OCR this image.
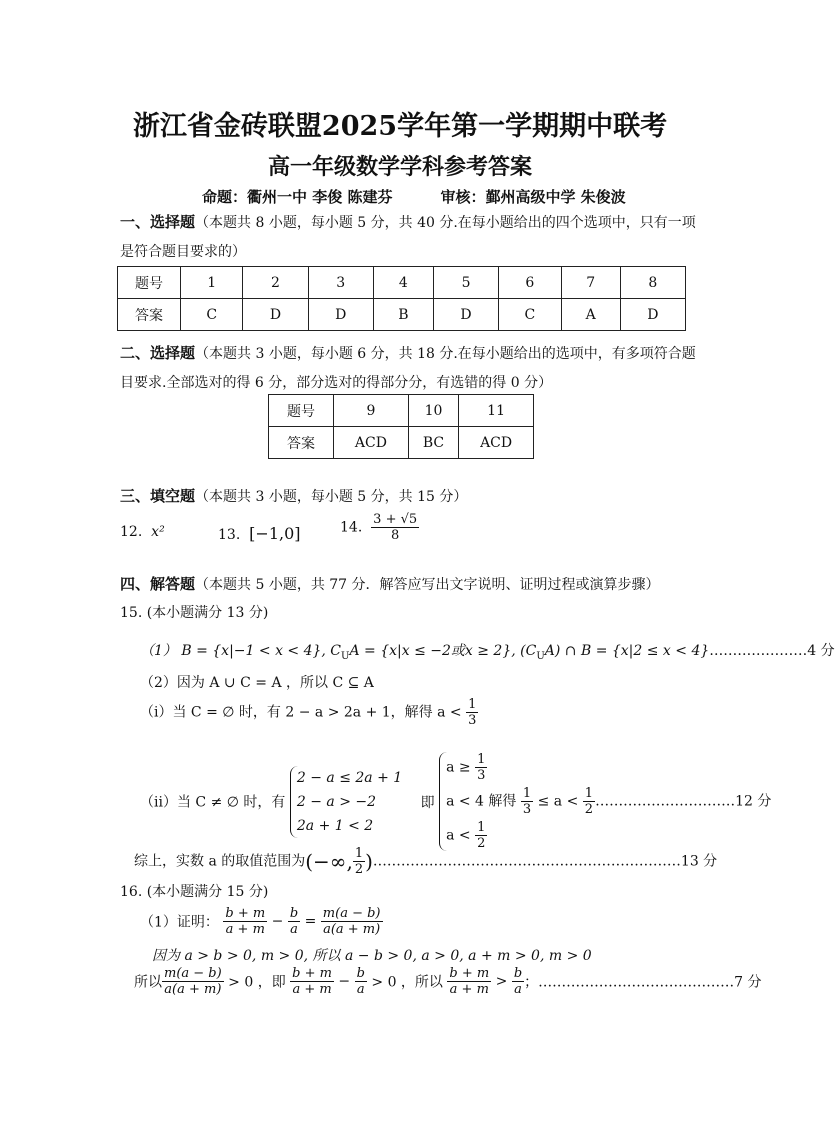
浙江省金砖联盟2025学年第一学期期中联考
高一年级数学学科参考答案
命题：衢州一中 李俊 陈建芬	审核：鄞州高级中学 朱俊波
一、选择题（本题共 8 小题，每小题 5 分，共 40 分.在每小题给出的四个选项中，只有一项
是符合题目要求的）
题号	1	2	3	4	5	6	7	8
答案	C	D	D	B	D	C	A	D
二、选择题（本题共 3 小题，每小题 6 分，共 18 分.在每小题给出的选项中，有多项符合题
目要求.全部选对的得 6 分，部分选对的得部分分，有选错的得 0 分）
题号	9	10	11
答案	ACD	BC	ACD
三、填空题（本题共 3 小题，每小题 5 分，共 15 分）
12. x²	13. [−1,0]	14. $\frac{3 + √5}{8}$
四、解答题（本题共 5 小题，共 77 分．解答应写出文字说明、证明过程或演算步骤）
15. (本小题满分 13 分)
（1） B = {x|−1 < x < 4}, $C_UA = \{x|x \le -2$或x ≥ 2}, $(C_UA)$ ∩ B = {x|2 ≤ x < 4}…………………4 分
（2）因为 A ∪ C = A ，所以 C ⊆ A
（i）当 C = ∅ 时，有 2 − a > 2a + 1，解得 $a < \frac{1}{3}$
（ii）当 C ≠ ∅ 时，有
2 − a ≤ 2a + 1
2 − a > −2
2a + 1 < 2
即
$a \ge \frac{1}{3}$
a < 4 解得 $\frac{1}{3} \le a < \frac{1}{2}$ …………………………12 分
$a < \frac{1}{2}$
综上，实数 a 的取值范围为(−∞, $\frac{1}{2}$ )…………………………………………………………13 分
16. (本小题满分 15 分)
（1）证明： $\frac{b + m}{a + m} - \frac{b}{a} = \frac{m(a - b)}{a(a + m)}$
因为 a > b > 0, m > 0, 所以 a − b > 0, a > 0, a + m > 0, m > 0
所以 $\frac{m(a - b)}{a(a + m)} > 0$ ，即 $\frac{b + m}{a + m} - \frac{b}{a} > 0$ ，所以 $\frac{b + m}{a + m} > \frac{b}{a}$ ；……………………………………7 分
